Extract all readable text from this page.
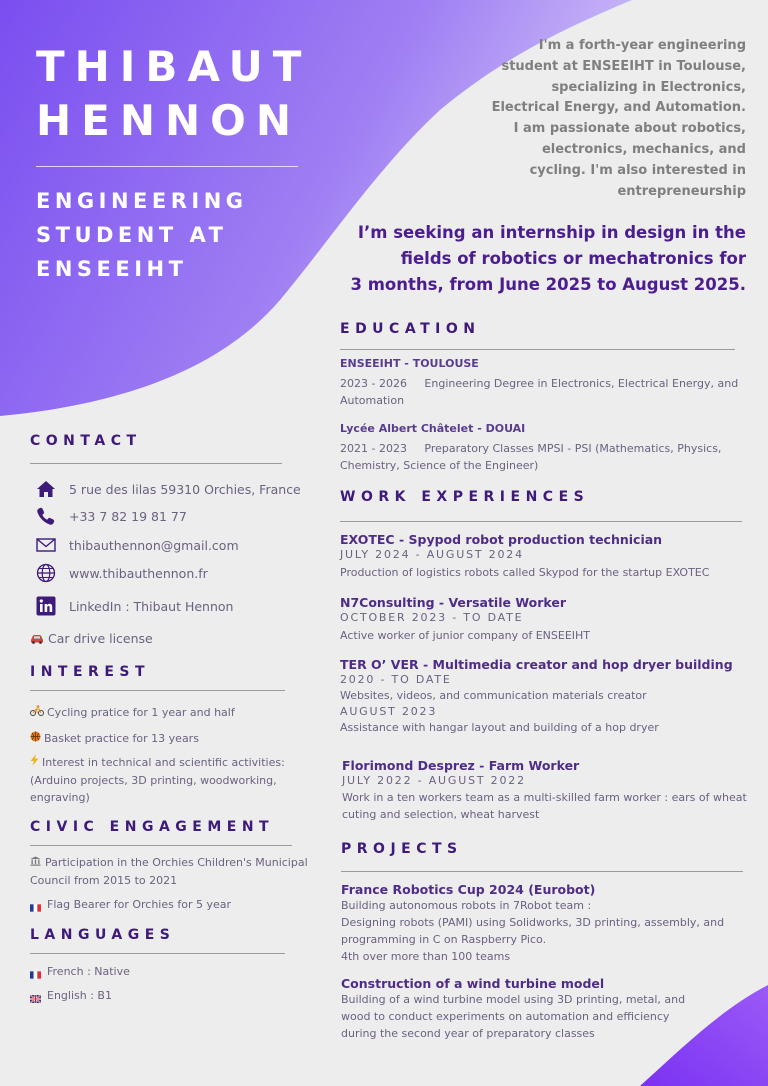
THIBAUT
HENNON
ENGINEERING
STUDENT AT
ENSEEIHT
I'm a forth-year engineering
student at ENSEEIHT in Toulouse,
specializing in Electronics,
Electrical Energy, and Automation.
I am passionate about robotics,
electronics, mechanics, and
cycling. I'm also interested in
entrepreneurship
I’m seeking an internship in design in the
fields of robotics or mechatronics for
3 months, from June 2025 to August 2025.
CONTACT
5 rue des lilas 59310 Orchies, France
+33 7 82 19 81 77
thibauthennon@gmail.com
www.thibauthennon.fr
LinkedIn : Thibaut Hennon
Car drive license
INTEREST
Cycling pratice for 1 year and half
Basket practice for 13 years
Interest in technical and scientific activities:
(Arduino projects, 3D printing, woodworking,
engraving)
CIVIC ENGAGEMENT
Participation in the Orchies Children's Municipal
Council from 2015 to 2021
Flag Bearer for Orchies for 5 year
LANGUAGES
French : Native
English : B1
EDUCATION
ENSEEIHT - TOULOUSE
2023 - 2026     Engineering Degree in Electronics, Electrical Energy, and
Automation
Lycée Albert Châtelet - DOUAI
2021 - 2023     Preparatory Classes MPSI - PSI (Mathematics, Physics,
Chemistry, Science of the Engineer)
WORK EXPERIENCES
EXOTEC - Spypod robot production technician
JULY 2024 - AUGUST 2024
Production of logistics robots called Skypod for the startup EXOTEC
N7Consulting - Versatile Worker
OCTOBER 2023 - TO DATE
Active worker of junior company of ENSEEIHT
TER O’ VER - Multimedia creator and hop dryer building
2020 - TO DATE
Websites, videos, and communication materials creator
AUGUST 2023
Assistance with hangar layout and building of a hop dryer
Florimond Desprez - Farm Worker
JULY 2022 - AUGUST 2022
Work in a ten workers team as a multi-skilled farm worker : ears of wheat
cuting and selection, wheat harvest
PROJECTS
France Robotics Cup 2024 (Eurobot)
Building autonomous robots in 7Robot team :
Designing robots (PAMI) using Solidworks, 3D printing, assembly, and
programming in C on Raspberry Pico.
4th over more than 100 teams
Construction of a wind turbine model
Building of a wind turbine model using 3D printing, metal, and
wood to conduct experiments on automation and efficiency
during the second year of preparatory classes
